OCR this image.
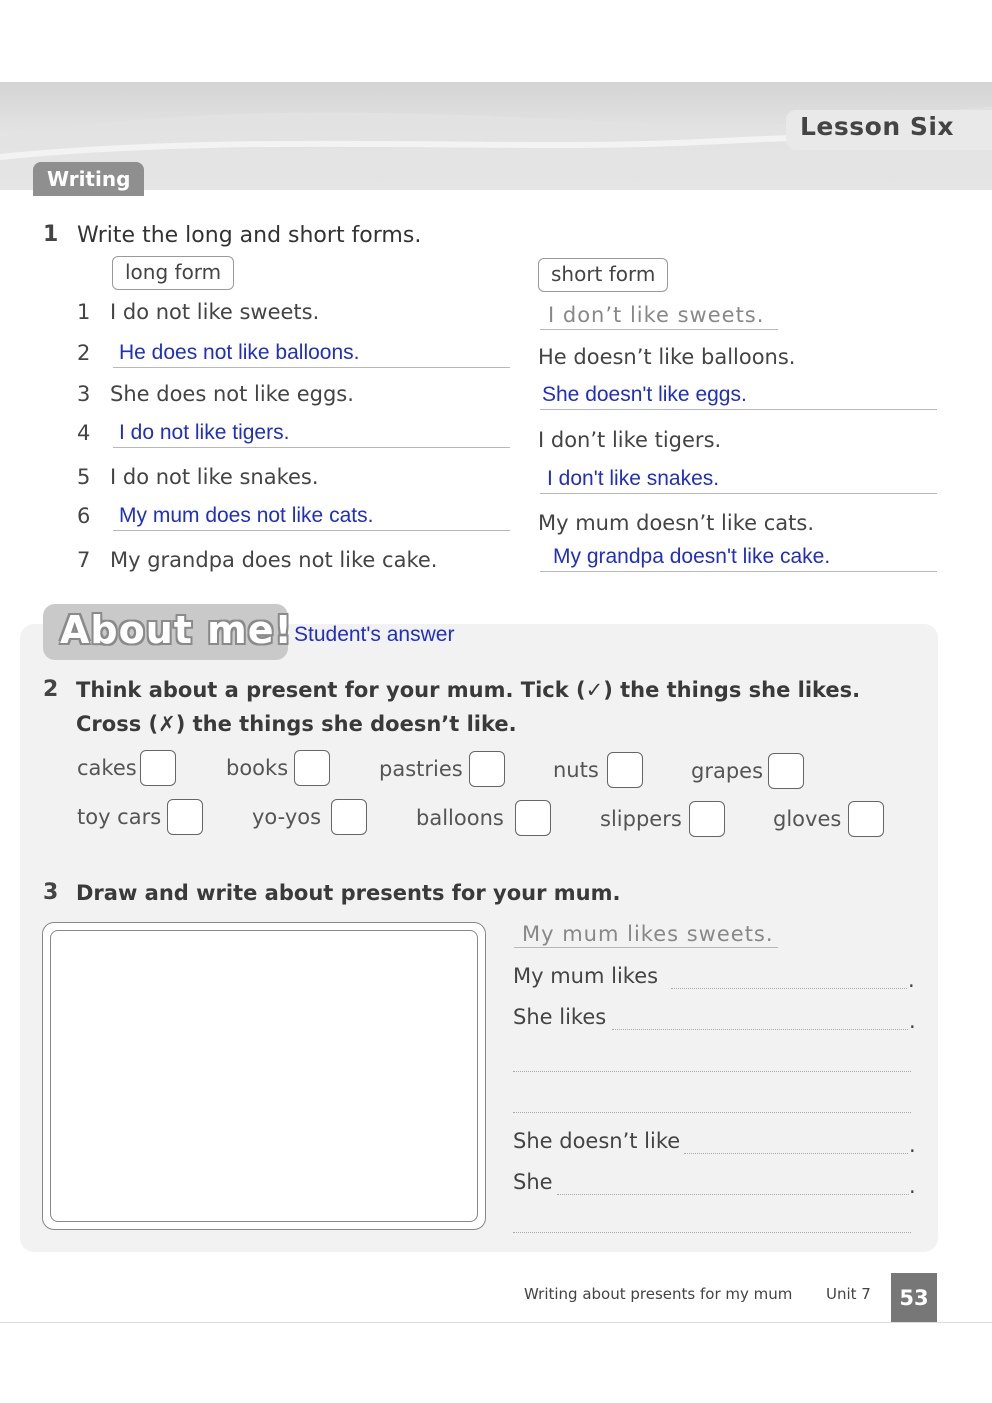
Lesson Six
Writing
1 Write the long and short forms.
long form	short form
1 I do not like sweets.	I don’t like sweets.
2 He does not like balloons.	He doesn’t like balloons.
3 She does not like eggs.	She doesn't like eggs.
4 I do not like tigers.	I don’t like tigers.
5 I do not like snakes.	I don't like snakes.
6 My mum does not like cats.	My mum doesn’t like cats.
7 My grandpa does not like cake.	My grandpa doesn't like cake.
About me! Student's answer
2 Think about a present for your mum. Tick (✓) the things she likes.
Cross (✗) the things she doesn’t like.
cakes	books	pastries	nuts	grapes
toy cars	yo-yos	balloons	slippers	gloves
3 Draw and write about presents for your mum.
My mum likes sweets.
My mum likes	.
She likes	.
She doesn’t like	.
She	.
Writing about presents for my mum Unit 7	53
